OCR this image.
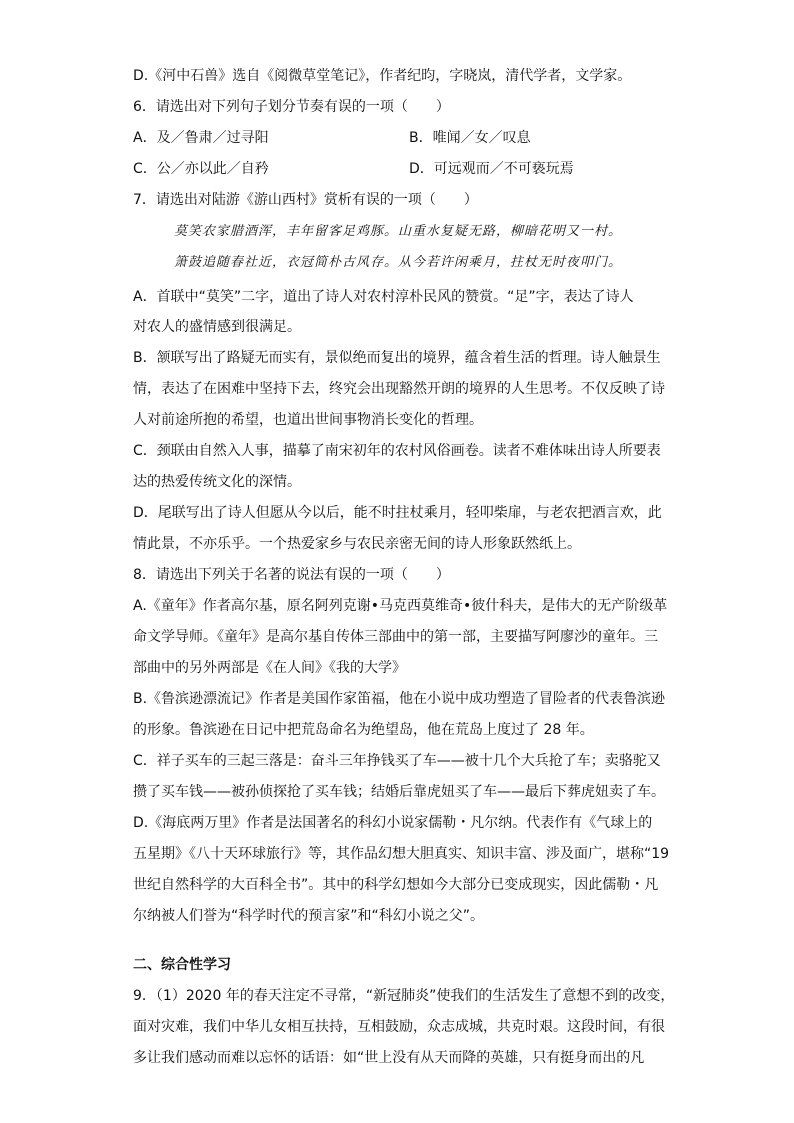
D.《河中石兽》选自《阅微草堂笔记》，作者纪昀，字晓岚，清代学者，文学家。
6．请选出对下列句子划分节奏有误的一项（　　）
A．及／鲁肃／过寻阳	B．唯闻／女／叹息
C．公／亦以此／自矜	D．可远观而／不可亵玩焉
7．请选出对陆游《游山西村》赏析有误的一项（　　）
莫笑农家腊酒浑，丰年留客足鸡豚。山重水复疑无路，柳暗花明又一村。
箫鼓追随春社近，衣冠简朴古风存。从今若许闲乘月，拄杖无时夜叩门。
A．首联中“莫笑”二字，道出了诗人对农村淳朴民风的赞赏。“足”字，表达了诗人
对农人的盛情感到很满足。
B．颔联写出了路疑无而实有，景似绝而复出的境界，蕴含着生活的哲理。诗人触景生
情，表达了在困难中坚持下去，终究会出现豁然开朗的境界的人生思考。不仅反映了诗
人对前途所抱的希望，也道出世间事物消长变化的哲理。
C．颈联由自然入人事，描摹了南宋初年的农村风俗画卷。读者不难体味出诗人所要表
达的热爱传统文化的深情。
D．尾联写出了诗人但愿从今以后，能不时拄杖乘月，轻叩柴扉，与老农把酒言欢，此
情此景，不亦乐乎。一个热爱家乡与农民亲密无间的诗人形象跃然纸上。
8．请选出下列关于名著的说法有误的一项（　　）
A.《童年》作者高尔基，原名阿列克谢•马克西莫维奇•彼什科夫，是伟大的无产阶级革
命文学导师。《童年》是高尔基自传体三部曲中的第一部，主要描写阿廖沙的童年。三
部曲中的另外两部是《在人间》《我的大学》
B.《鲁滨逊漂流记》作者是美国作家笛福，他在小说中成功塑造了冒险者的代表鲁滨逊
的形象。鲁滨逊在日记中把荒岛命名为绝望岛，他在荒岛上度过了 28 年。
C．祥子买车的三起三落是：奋斗三年挣钱买了车——被十几个大兵抢了车；卖骆驼又
攒了买车钱——被孙侦探抢了买车钱；结婚后靠虎妞买了车——最后下葬虎妞卖了车。
D.《海底两万里》作者是法国著名的科幻小说家儒勒・凡尔纳。代表作有《气球上的
五星期》《八十天环球旅行》等，其作品幻想大胆真实、知识丰富、涉及面广，堪称“19
世纪自然科学的大百科全书”。其中的科学幻想如今大部分已变成现实，因此儒勒・凡
尔纳被人们誉为“科学时代的预言家”和“科幻小说之父”。
二、综合性学习
9．（1）2020 年的春天注定不寻常，“新冠肺炎”使我们的生活发生了意想不到的改变，
面对灾难，我们中华儿女相互扶持，互相鼓励，众志成城，共克时艰。这段时间，有很
多让我们感动而难以忘怀的话语：如“世上没有从天而降的英雄，只有挺身而出的凡
